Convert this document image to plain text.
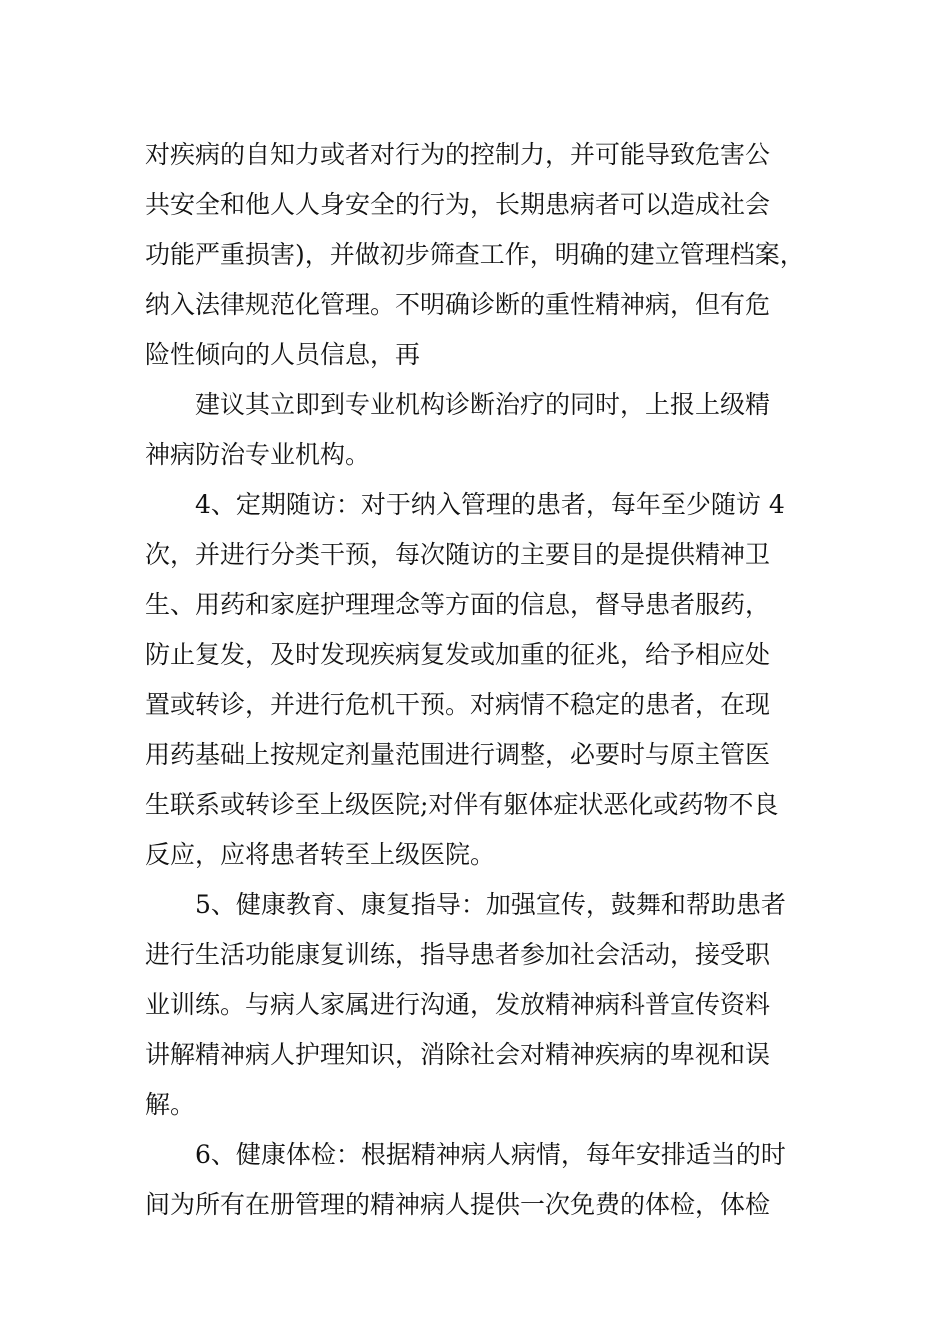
对疾病的自知力或者对行为的控制力，并可能导致危害公
共安全和他人人身安全的行为，长期患病者可以造成社会
功能严重损害)，并做初步筛查工作，明确的建立管理档案，
纳入法律规范化管理。不明确诊断的重性精神病，但有危
险性倾向的人员信息，再

建议其立即到专业机构诊断治疗的同时，上报上级精
神病防治专业机构。

4、定期随访：对于纳入管理的患者，每年至少随访 4
次，并进行分类干预，每次随访的主要目的是提供精神卫
生、用药和家庭护理理念等方面的信息，督导患者服药，
防止复发，及时发现疾病复发或加重的征兆，给予相应处
置或转诊，并进行危机干预。对病情不稳定的患者，在现
用药基础上按规定剂量范围进行调整，必要时与原主管医
生联系或转诊至上级医院;对伴有躯体症状恶化或药物不良
反应，应将患者转至上级医院。

5、健康教育、康复指导：加强宣传，鼓舞和帮助患者
进行生活功能康复训练，指导患者参加社会活动，接受职
业训练。与病人家属进行沟通，发放精神病科普宣传资料
讲解精神病人护理知识，消除社会对精神疾病的卑视和误
解。

6、健康体检：根据精神病人病情，每年安排适当的时
间为所有在册管理的精神病人提供一次免费的体检，体检
